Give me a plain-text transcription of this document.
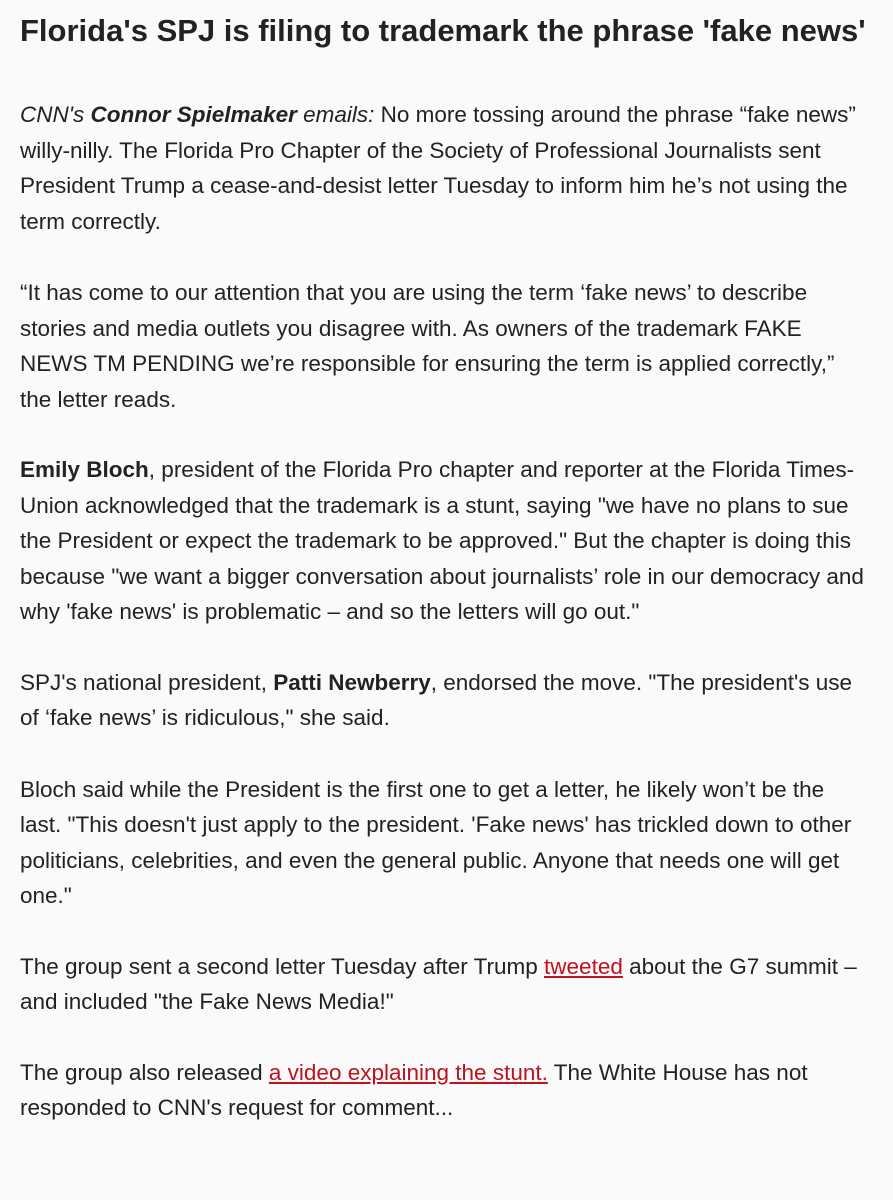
Florida's SPJ is filing to trademark the phrase 'fake news'

CNN's Connor Spielmaker emails: No more tossing around the phrase “fake news” willy-nilly. The Florida Pro Chapter of the Society of Professional Journalists sent President Trump a cease-and-desist letter Tuesday to inform him he’s not using the term correctly.

“It has come to our attention that you are using the term ‘fake news’ to describe stories and media outlets you disagree with. As owners of the trademark FAKE NEWS TM PENDING we’re responsible for ensuring the term is applied correctly,” the letter reads.

Emily Bloch, president of the Florida Pro chapter and reporter at the Florida Times-Union acknowledged that the trademark is a stunt, saying "we have no plans to sue the President or expect the trademark to be approved." But the chapter is doing this because "we want a bigger conversation about journalists’ role in our democracy and why 'fake news' is problematic – and so the letters will go out."

SPJ's national president, Patti Newberry, endorsed the move. "The president's use of ‘fake news’ is ridiculous," she said.

Bloch said while the President is the first one to get a letter, he likely won’t be the last. "This doesn't just apply to the president. 'Fake news' has trickled down to other politicians, celebrities, and even the general public. Anyone that needs one will get one."

The group sent a second letter Tuesday after Trump tweeted about the G7 summit – and included "the Fake News Media!"

The group also released a video explaining the stunt. The White House has not responded to CNN's request for comment...
